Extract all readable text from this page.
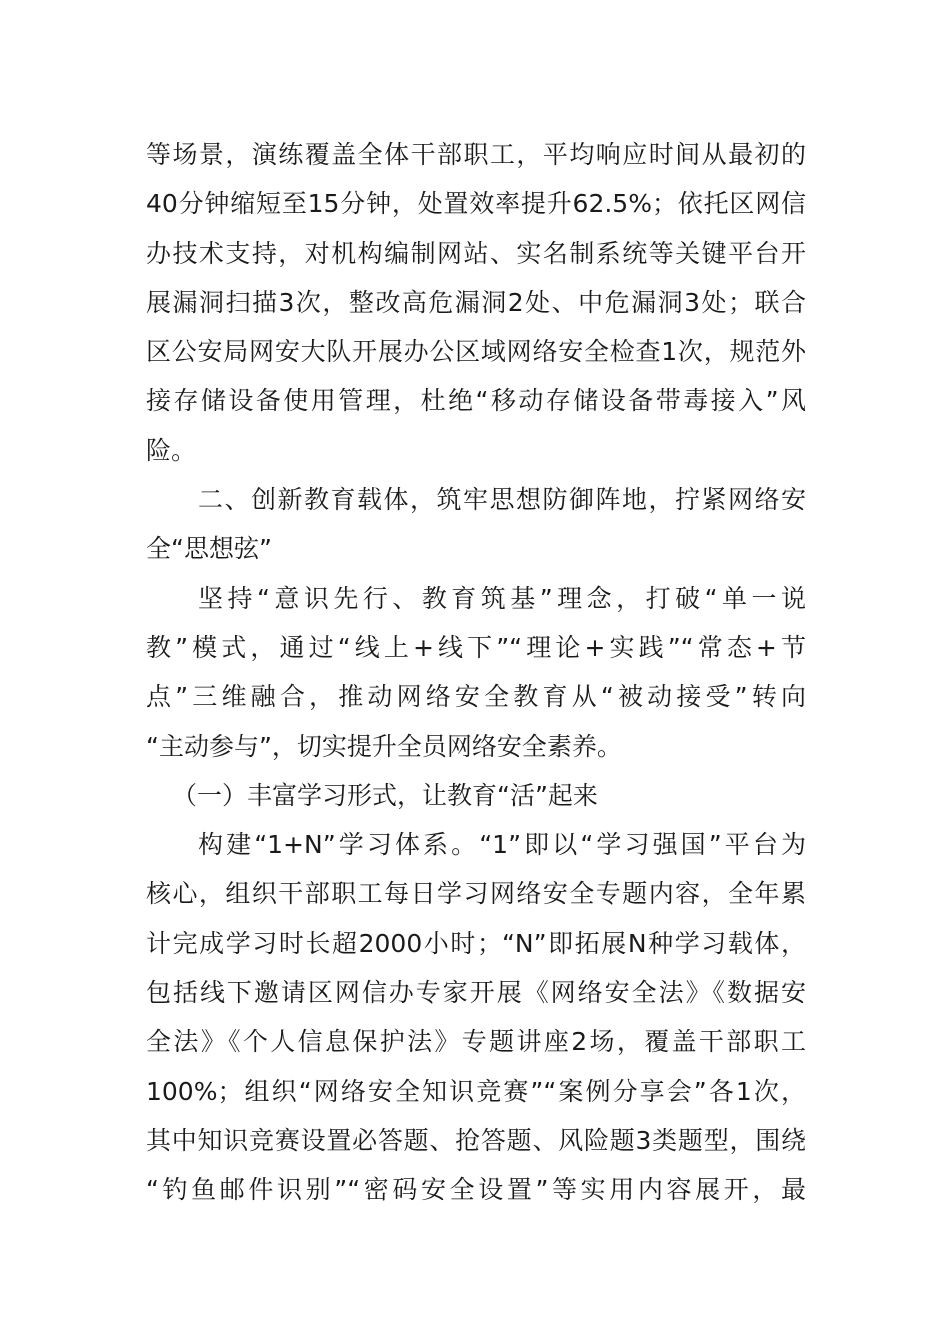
等场景，演练覆盖全体干部职工，平均响应时间从最初的
40分钟缩短至15分钟，处置效率提升62.5%；依托区网信
办技术支持，对机构编制网站、实名制系统等关键平台开
展漏洞扫描3次，整改高危漏洞2处、中危漏洞3处；联合
区公安局网安大队开展办公区域网络安全检查1次，规范外
接存储设备使用管理，杜绝“移动存储设备带毒接入”风
险。
二、创新教育载体，筑牢思想防御阵地，拧紧网络安
全“思想弦”
坚持“意识先行、教育筑基”理念，打破“单一说
教”模式，通过“线上+线下”“理论+实践”“常态+节
点”三维融合，推动网络安全教育从“被动接受”转向
“主动参与”，切实提升全员网络安全素养。
（一）丰富学习形式，让教育“活”起来
构建“1+N”学习体系。“1”即以“学习强国”平台为
核心，组织干部职工每日学习网络安全专题内容，全年累
计完成学习时长超2000小时；“N”即拓展N种学习载体，
包括线下邀请区网信办专家开展《网络安全法》《数据安
全法》《个人信息保护法》专题讲座2场，覆盖干部职工
100%；组织“网络安全知识竞赛”“案例分享会”各1次，
其中知识竞赛设置必答题、抢答题、风险题3类题型，围绕
“钓鱼邮件识别”“密码安全设置”等实用内容展开，最
